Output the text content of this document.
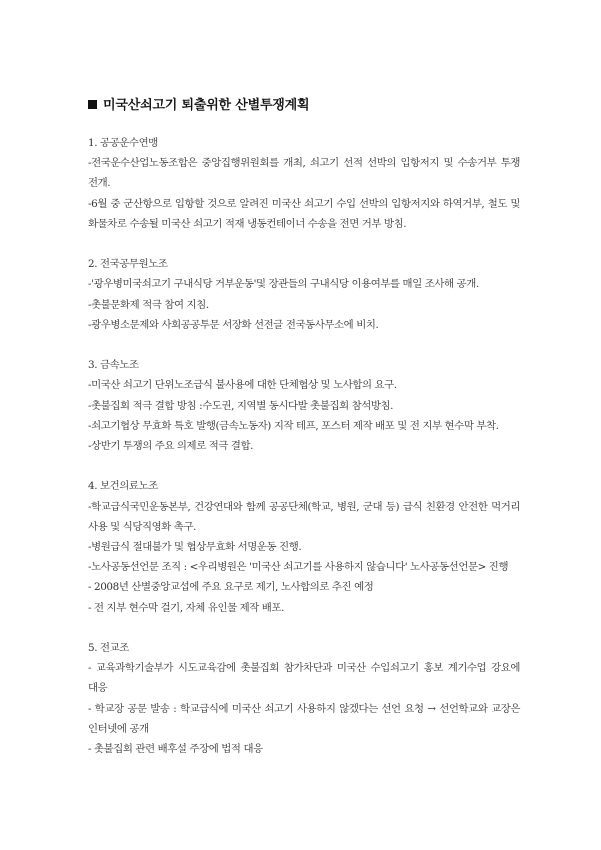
미국산쇠고기 퇴출위한 산별투쟁계획

1. 공공운수연맹

-전국운수산업노동조합은 중앙집행위원회를 개최, 쇠고기 선적 선박의 입항저지 및 수송거부 투쟁 전개.

-6월 중 군산항으로 입항할 것으로 알려진 미국산 쇠고기 수입 선박의 입항저지와 하역거부, 철도 및 화물차로 수송될 미국산 쇠고기 적재 냉동컨테이너 수송을 전면 거부 방침.

2. 전국공무원노조

-'광우병미국쇠고기 구내식당 거부운동'및 장관들의 구내식당 이용여부를 매일 조사해 공개.

-촛불문화제 적극 참여 지침.

-광우병소문제와 사회공공투문 서장화 선전글 전국동사무소에 비치.

3. 금속노조

-미국산 쇠고기 단위노조급식 불사용에 대한 단체협상 및 노사합의 요구.

-촛불집회 적극 결합 방침 :수도권, 지역별 동시다발 촛불집회 참석방침.

-쇠고기협상 무효화 특호 발행(금속노동자) 지작 테프, 포스터 제작 배포 및 전 지부 현수막 부착.

-상반기 투쟁의 주요 의제로 적극 결합.

4. 보건의료노조

-학교급식국민운동본부, 건강연대와 함께 공공단체(학교, 병원, 군대 등) 급식 친환경 안전한 먹거리 사용 및 식당직영화 촉구.

-병원급식 절대불가 및 협상무효화 서명운동 진행.

-노사공동선언문 조직 : <우리병원은 '미국산 쇠고기를 사용하지 않습니다' 노사공동선언문> 진행

- 2008년 산별중앙교섭에 주요 요구로 제기, 노사합의로 추진 예정

- 전 지부 현수막 걸기, 자체 유인물 제작 배포.

5. 전교조

- 교육과학기술부가 시도교육감에 촛불집회 참가차단과 미국산 수입쇠고기 홍보 계기수업 강요에 대응

- 학교장 공문 발송 : 학교급식에 미국산 쇠고기 사용하지 않겠다는 선언 요청 → 선언학교와 교장은 인터넷에 공개

- 촛불집회 관련 배후설 주장에 법적 대응
